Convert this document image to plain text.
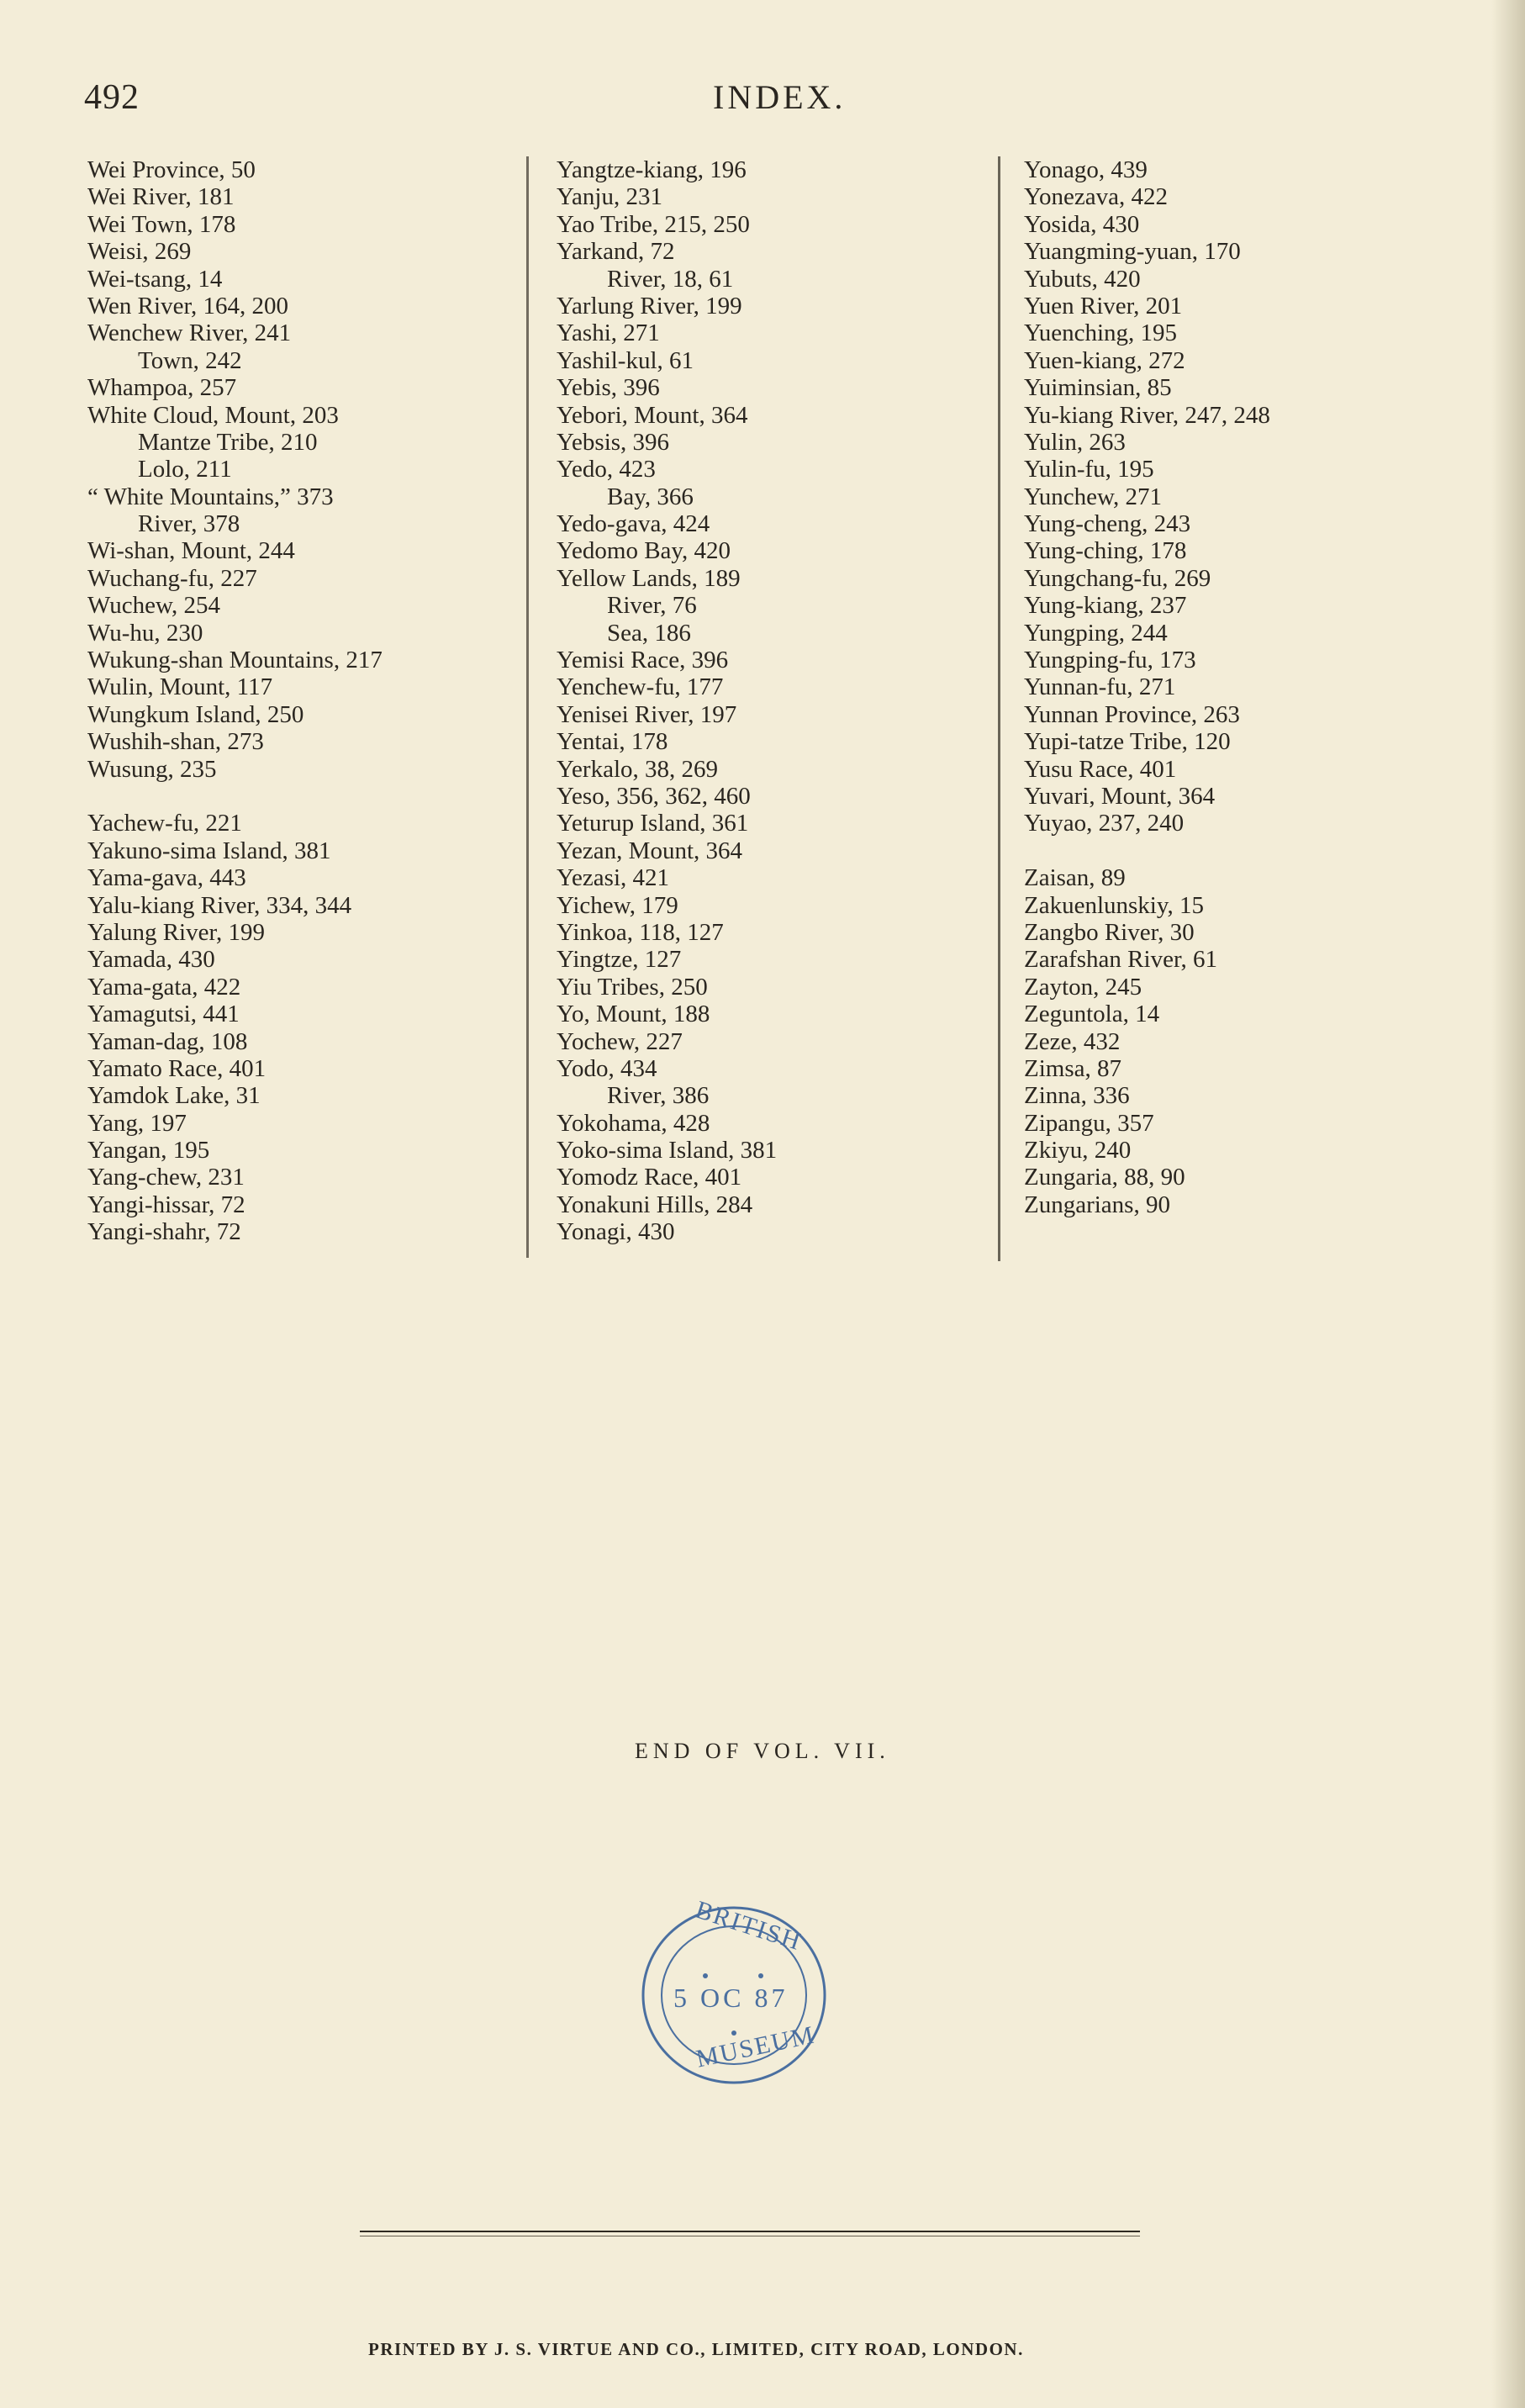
492	INDEX.
Wei Province, 50
Wei River, 181
Wei Town, 178
Weisi, 269
Wei-tsang, 14
Wen River, 164, 200
Wenchew River, 241
Town, 242
Whampoa, 257
White Cloud, Mount, 203
Mantze Tribe, 210
Lolo, 211
“ White Mountains,” 373
River, 378
Wi-shan, Mount, 244
Wuchang-fu, 227
Wuchew, 254
Wu-hu, 230
Wukung-shan Mountains, 217
Wulin, Mount, 117
Wungkum Island, 250
Wushih-shan, 273
Wusung, 235
Yachew-fu, 221
Yakuno-sima Island, 381
Yama-gava, 443
Yalu-kiang River, 334, 344
Yalung River, 199
Yamada, 430
Yama-gata, 422
Yamagutsi, 441
Yaman-dag, 108
Yamato Race, 401
Yamdok Lake, 31
Yang, 197
Yangan, 195
Yang-chew, 231
Yangi-hissar, 72
Yangi-shahr, 72
Yangtze-kiang, 196
Yanju, 231
Yao Tribe, 215, 250
Yarkand, 72
River, 18, 61
Yarlung River, 199
Yashi, 271
Yashil-kul, 61
Yebis, 396
Yebori, Mount, 364
Yebsis, 396
Yedo, 423
Bay, 366
Yedo-gava, 424
Yedomo Bay, 420
Yellow Lands, 189
River, 76
Sea, 186
Yemisi Race, 396
Yenchew-fu, 177
Yenisei River, 197
Yentai, 178
Yerkalo, 38, 269
Yeso, 356, 362, 460
Yeturup Island, 361
Yezan, Mount, 364
Yezasi, 421
Yichew, 179
Yinkoa, 118, 127
Yingtze, 127
Yiu Tribes, 250
Yo, Mount, 188
Yochew, 227
Yodo, 434
River, 386
Yokohama, 428
Yoko-sima Island, 381
Yomodz Race, 401
Yonakuni Hills, 284
Yonagi, 430
Yonago, 439
Yonezava, 422
Yosida, 430
Yuangming-yuan, 170
Yubuts, 420
Yuen River, 201
Yuenching, 195
Yuen-kiang, 272
Yuiminsian, 85
Yu-kiang River, 247, 248
Yulin, 263
Yulin-fu, 195
Yunchew, 271
Yung-cheng, 243
Yung-ching, 178
Yungchang-fu, 269
Yung-kiang, 237
Yungping, 244
Yungping-fu, 173
Yunnan-fu, 271
Yunnan Province, 263
Yupi-tatze Tribe, 120
Yusu Race, 401
Yuvari, Mount, 364
Yuyao, 237, 240
Zaisan, 89
Zakuenlunskiy, 15
Zangbo River, 30
Zarafshan River, 61
Zayton, 245
Zeguntola, 14
Zeze, 432
Zimsa, 87
Zinna, 336
Zipangu, 357
Zkiyu, 240
Zungaria, 88, 90
Zungarians, 90
END OF VOL. VII.
BRITISH
5 OC 87
MUSEUM
PRINTED BY J. S. VIRTUE AND CO., LIMITED, CITY ROAD, LONDON.
